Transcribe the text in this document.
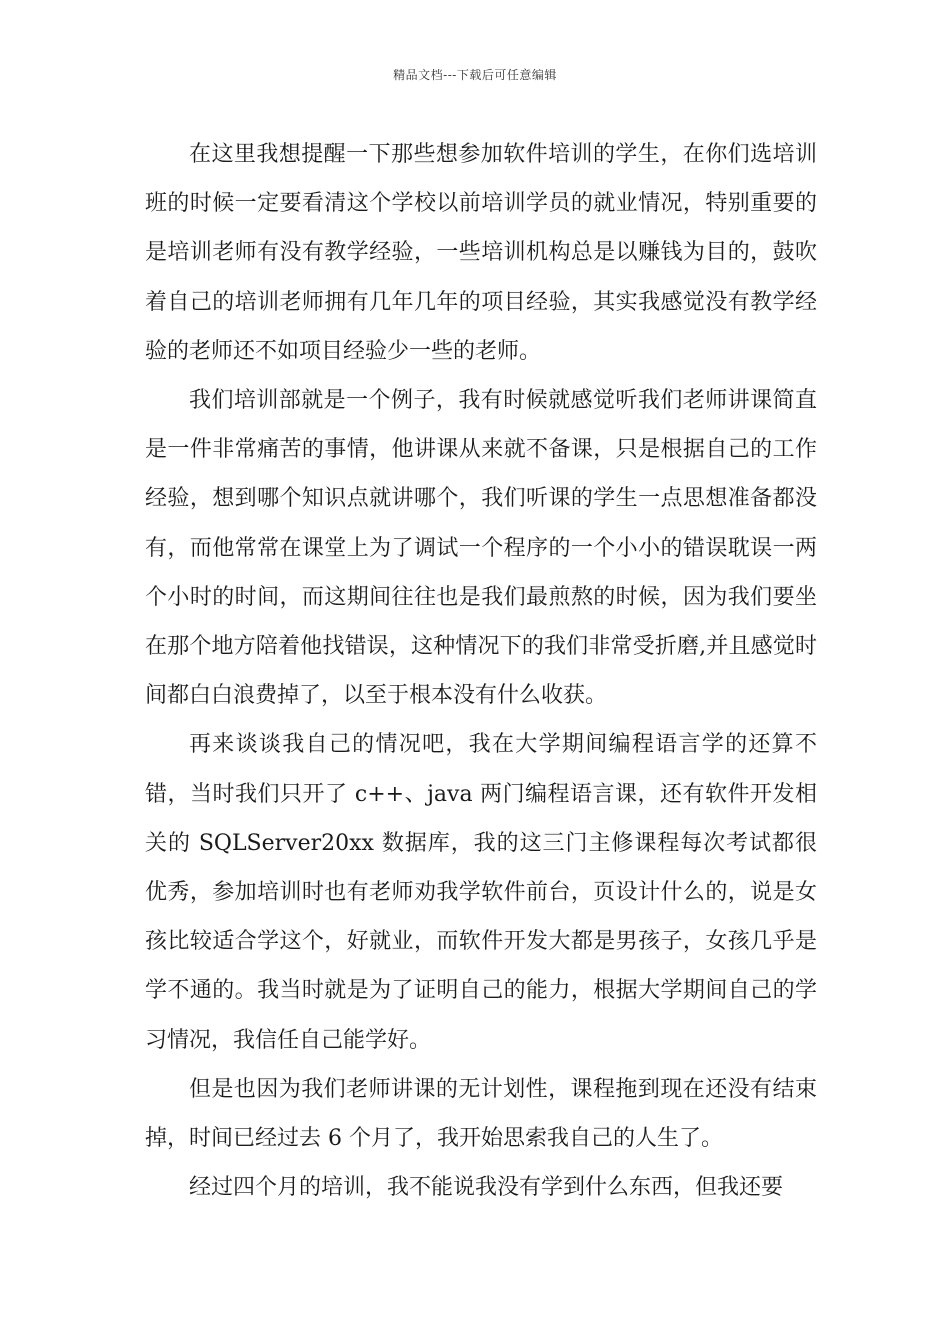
精品文档---下载后可任意编辑

在这里我想提醒一下那些想参加软件培训的学生，在你们选培训班的时候一定要看清这个学校以前培训学员的就业情况，特别重要的是培训老师有没有教学经验，一些培训机构总是以赚钱为目的，鼓吹着自己的培训老师拥有几年几年的项目经验，其实我感觉没有教学经验的老师还不如项目经验少一些的老师。

我们培训部就是一个例子，我有时候就感觉听我们老师讲课简直是一件非常痛苦的事情，他讲课从来就不备课，只是根据自己的工作经验，想到哪个知识点就讲哪个，我们听课的学生一点思想准备都没有，而他常常在课堂上为了调试一个程序的一个小小的错误耽误一两个小时的时间，而这期间往往也是我们最煎熬的时候，因为我们要坐在那个地方陪着他找错误，这种情况下的我们非常受折磨,并且感觉时间都白白浪费掉了，以至于根本没有什么收获。

再来谈谈我自己的情况吧，我在大学期间编程语言学的还算不错，当时我们只开了 c++、java 两门编程语言课，还有软件开发相关的 SQLServer20xx 数据库，我的这三门主修课程每次考试都很优秀，参加培训时也有老师劝我学软件前台，页设计什么的，说是女孩比较适合学这个，好就业，而软件开发大都是男孩子，女孩几乎是学不通的。我当时就是为了证明自己的能力，根据大学期间自己的学习情况，我信任自己能学好。

但是也因为我们老师讲课的无计划性，课程拖到现在还没有结束掉，时间已经过去 6 个月了，我开始思索我自己的人生了。

经过四个月的培训，我不能说我没有学到什么东西，但我还要
